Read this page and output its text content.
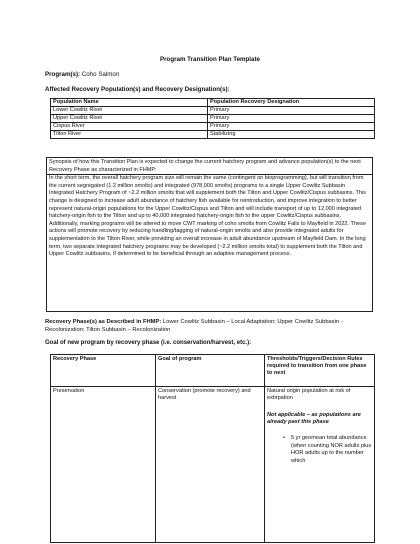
Program Transition Plan Template
Program(s): Coho Salmon
Affected Recovery Population(s) and Recovery Designation(s):
Population Name	Population Recovery Designation
Lower Cowlitz River	Primary
Upper Cowlitz River	Primary
Cispus River	Primary
Tilton River	Stabilizing
Synopsis of how this Transition Plan is expected to change the current hatchery program and advance population(s) to the next Recovery Phase as characterized in FHMP:
In the short term, the overall hatchery program size will remain the same (contingent on bioprogramming), but will transition from the current segregated (1.2 million smolts) and integrated (978,000 smolts) programs to a single Upper Cowlitz Subbasin Integrated Hatchery Program of ~2.2 million smolts that will supplement both the Tilton and Upper Cowlitz/Cispus subbasins. This change is designed to increase adult abundance of hatchery fish available for reintroduction, and improve integration to better represent natural-origin populations for the Upper Cowlitz/Cispus and Tilton and will include transport of up to 12,000 integrated hatchery-origin fish to the Tilton and up to 40,000 integrated hatchery-origin fish to the upper Cowlitz/Cispus subbasins. Additionally, marking programs will be altered to move CWT marking of coho smolts from Cowlitz Falls to Mayfield in 2022. These actions will promote recovery by reducing handling/tagging of natural-origin smolts and also provide integrated adults for supplementation to the Tilton River, while providing an overall increase in adult abundance upstream of Mayfield Dam. In the long term, two separate integrated hatchery programs may be developed (~2.2 million smolts total) to supplement both the Tilton and Upper Cowlitz subbasins, if determined to be beneficial through an adaptive management process.
Recovery Phase(s) as Described in FHMP: Lower Cowlitz Subbasin – Local Adaptation; Upper Cowlitz Subbasin - Recolonization; Tilton Subbasin – Recolonization
Goal of new program by recovery phase (i.e. conservation/harvest, etc.):
Recovery Phase	Goal of program	Thresholds/Triggers/Decision Rules required to transition from one phase to next
Preservation	Conservation (promote recovery) and harvest	Natural origin population at risk of extirpation
Not applicable – as populations are already past this phase
• 5 yr geomean total abundance (when counting NOR adults plus HOR adults up to the number which
